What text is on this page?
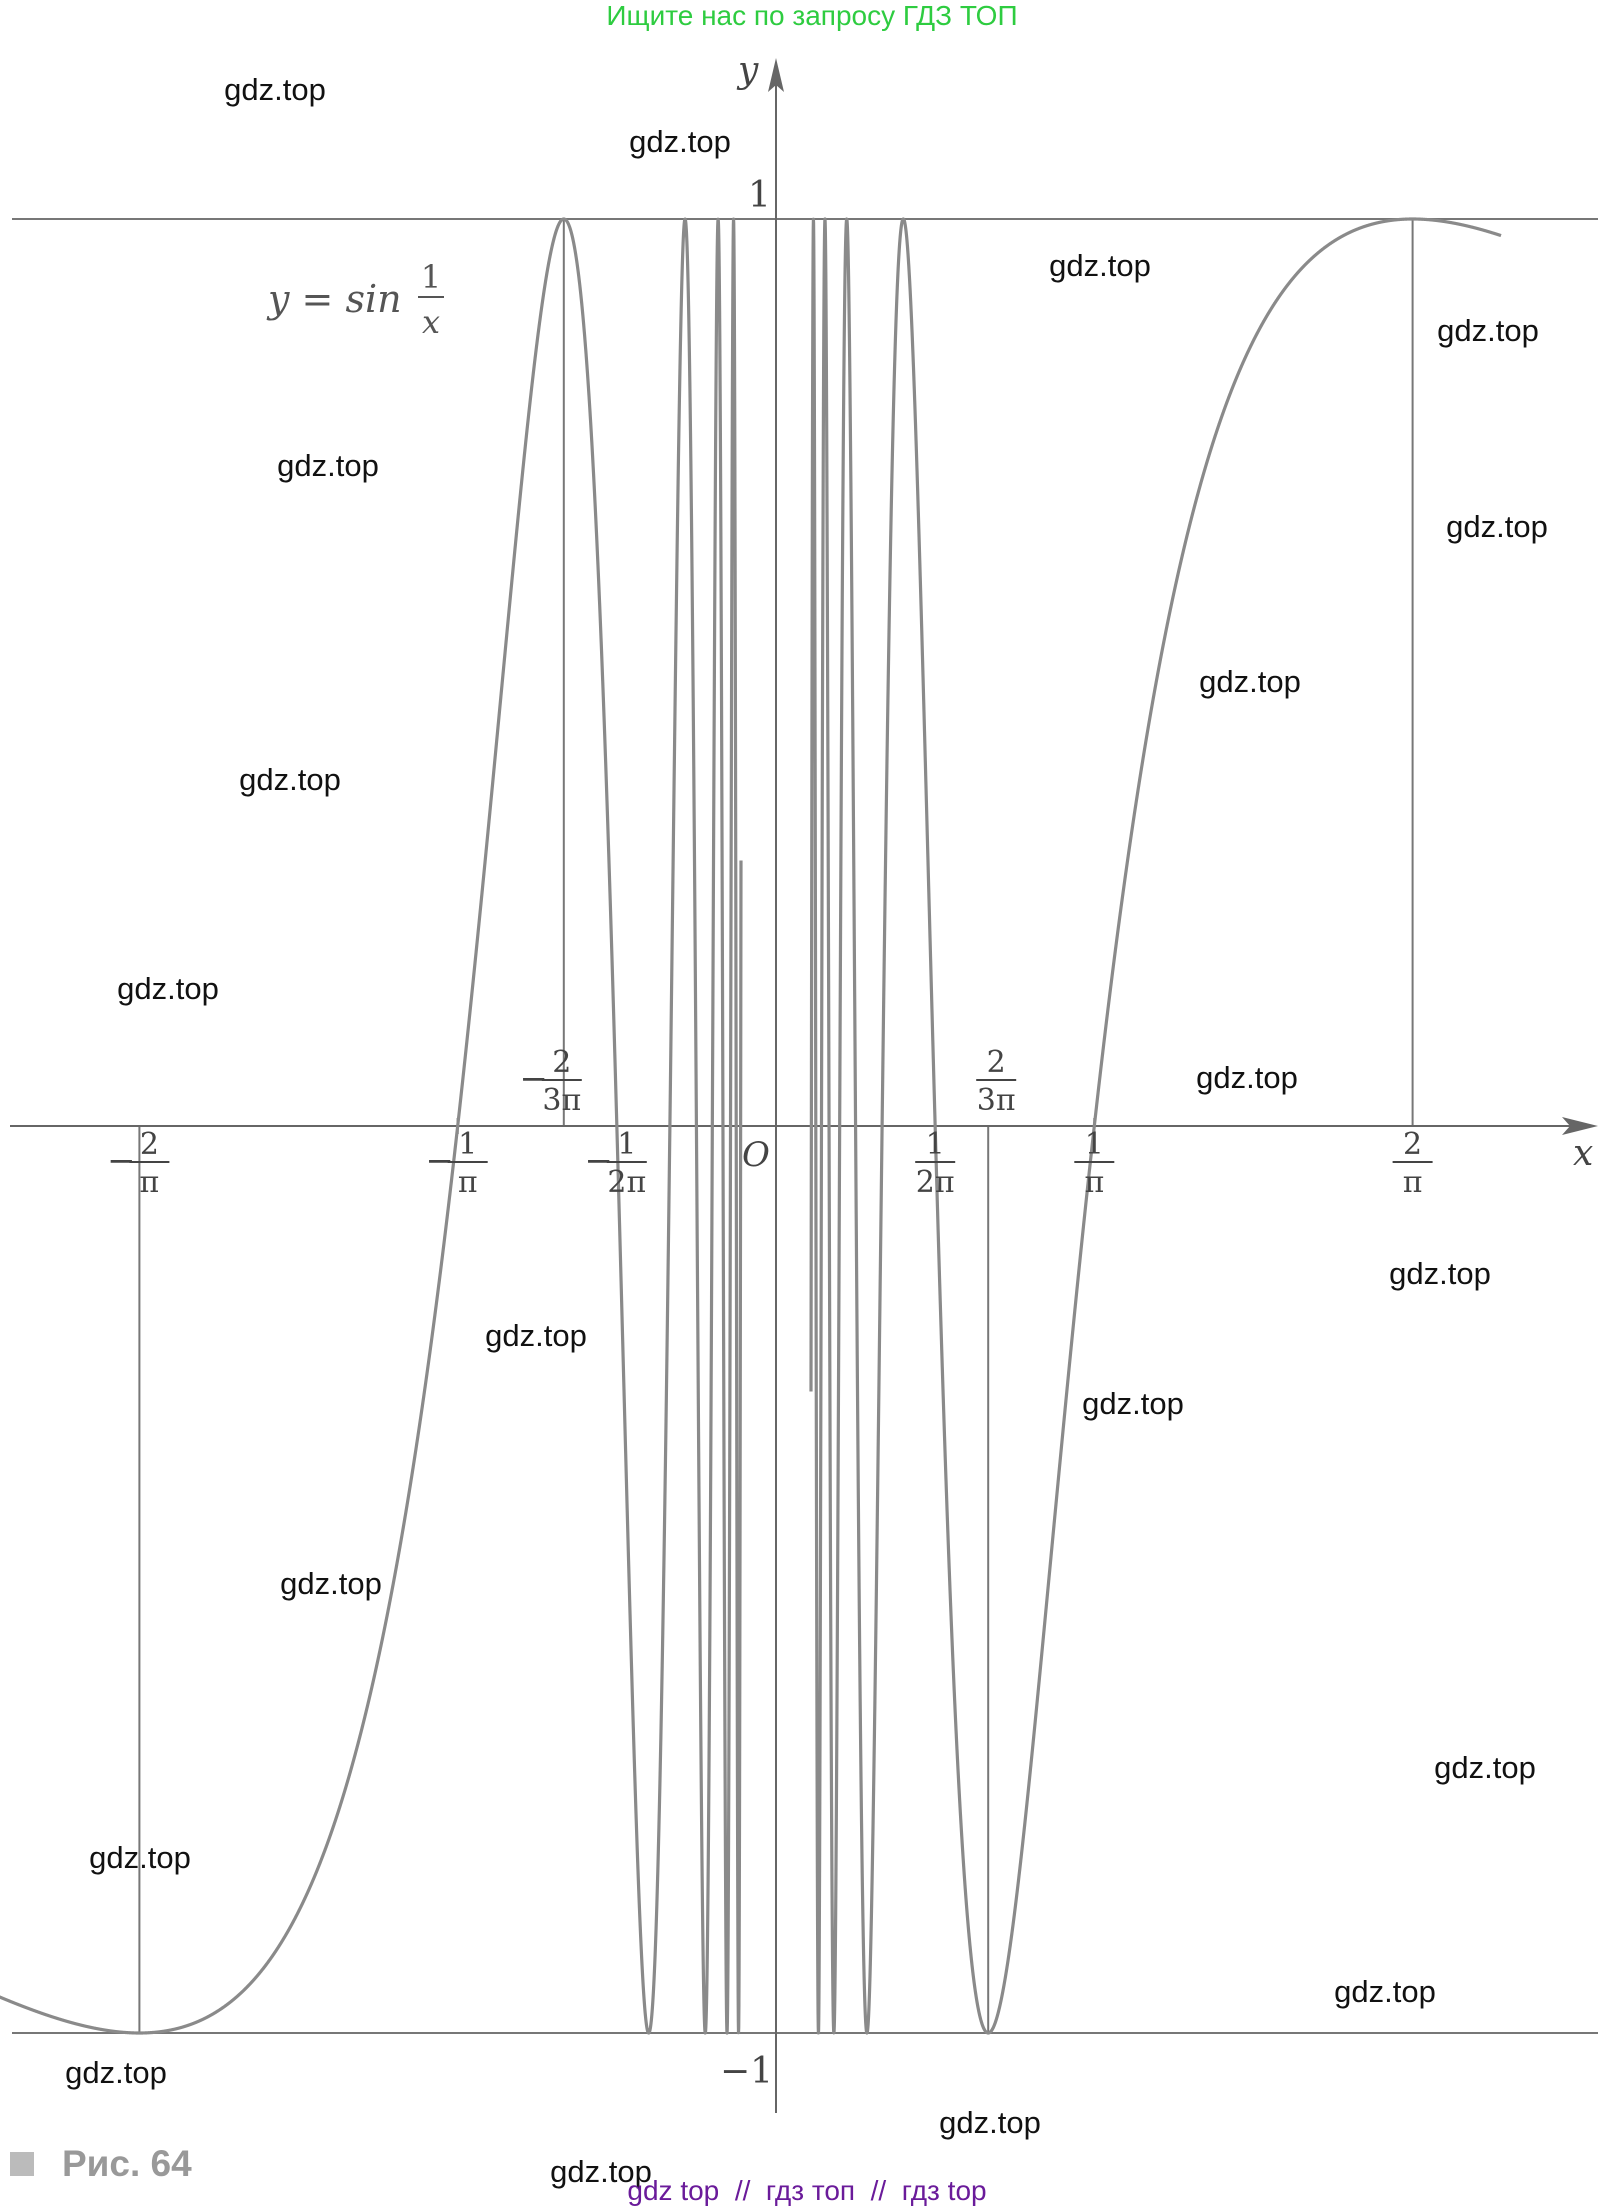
Ищите нас по запросу ГДЗ ТОП
x
y
O
1
−1
− 2
π
− 1
π
− 2
3π
− 1
2π
1
2π
2
3π
1
π
2
π
y = sin 1
x
gdz.top
gdz.top
gdz.top
gdz.top
gdz.top
gdz.top
gdz.top
gdz.top
gdz.top
gdz.top
gdz.top
gdz.top
gdz.top
gdz.top
gdz.top
gdz.top
gdz.top
gdz.top
gdz.top
gdz.top
Рис. 64
gdz top  //  гдз топ  //  гдз top
